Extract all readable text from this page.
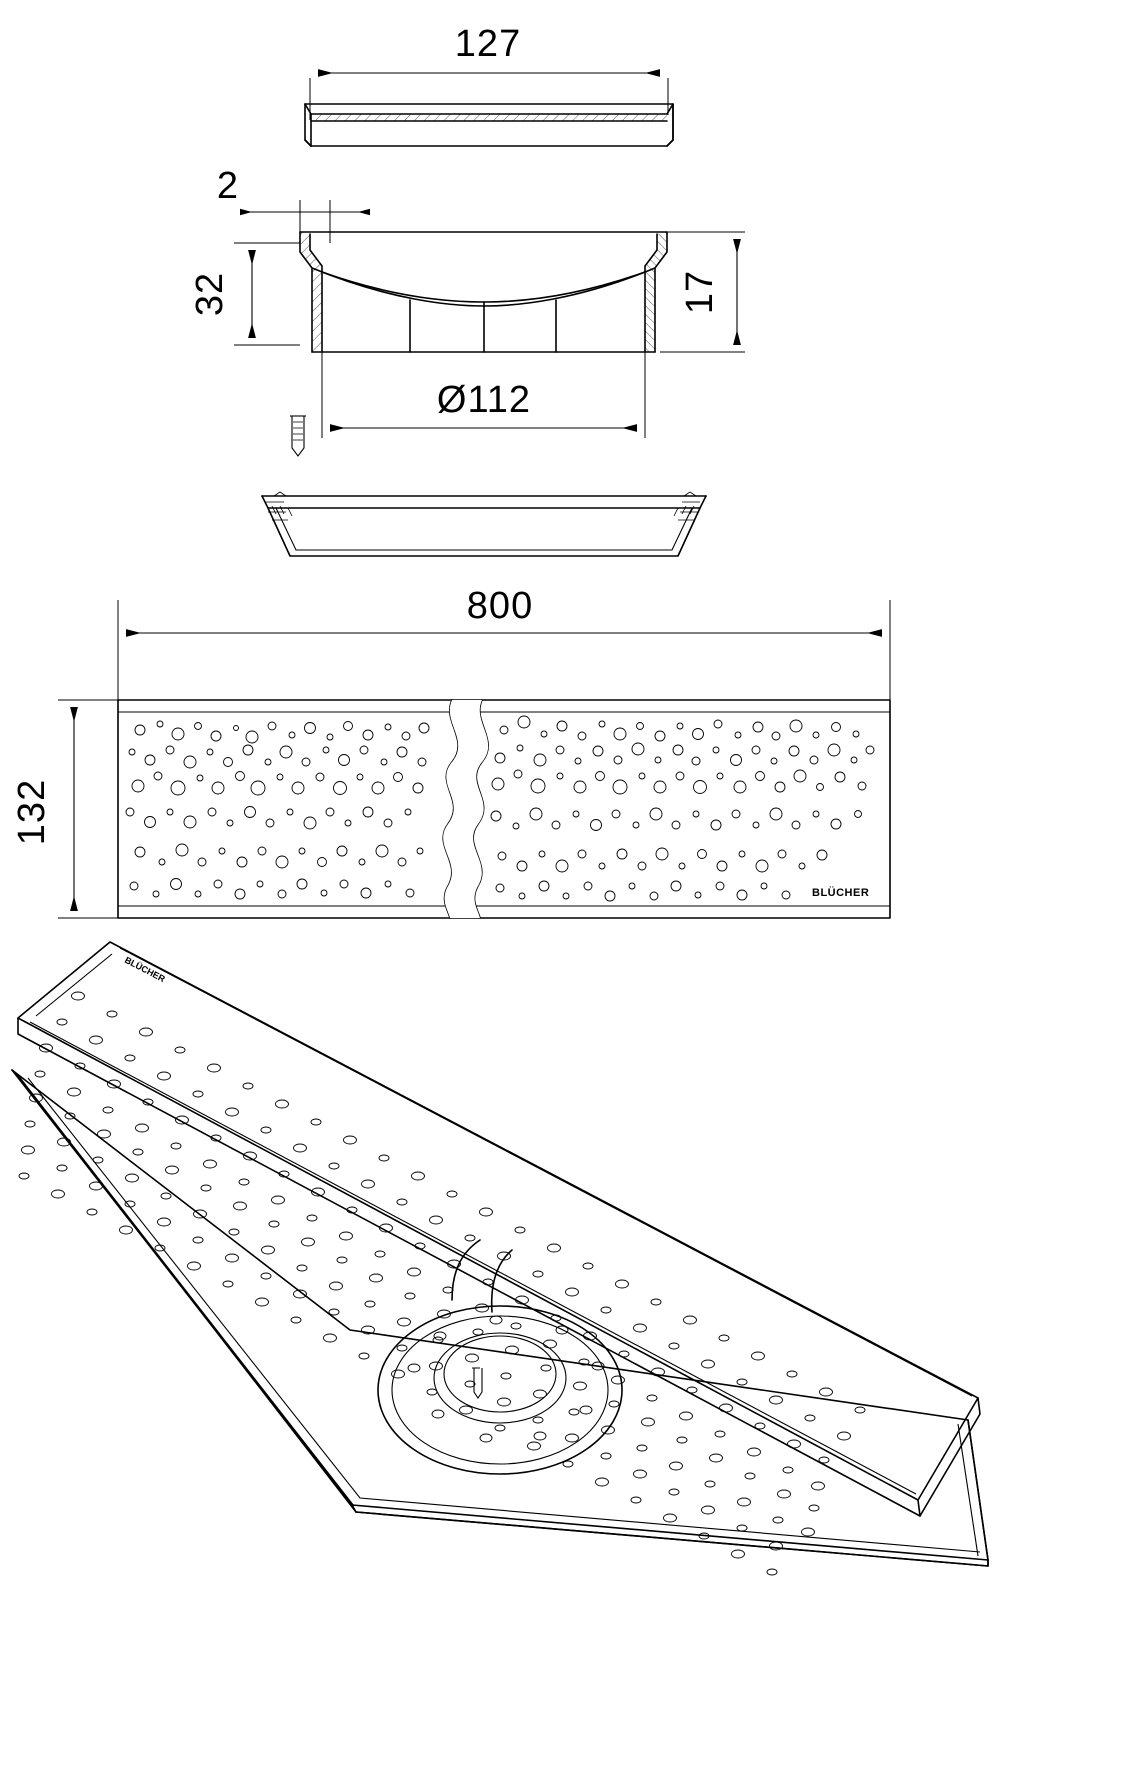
BLÜCHER
BLÜCHER
127
2
32	17
Ø112
800
132
